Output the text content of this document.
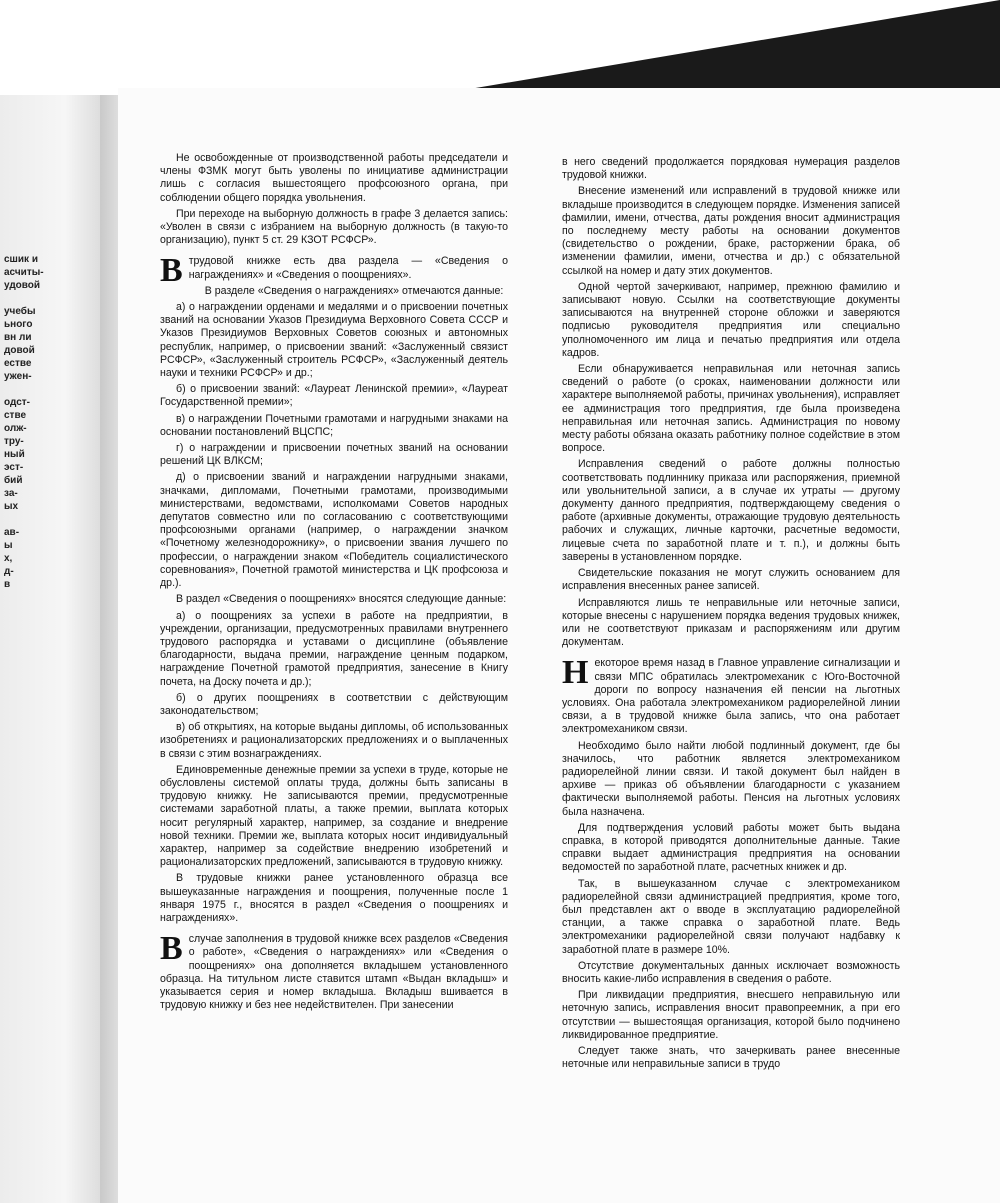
сшик и
асчиты-
удовой
учебы
ьного
вн ли
довой
естве
ужен-
одст-
стве
олж-
тру-
ный
эст-
бий
за-
ых
ав-
ы
х,
д-
в

Не освобожденные от производственной работы председатели и члены ФЗМК могут быть уволены по инициативе администрации лишь с согласия вышестоящего профсоюзного органа, при соблюдении общего порядка увольнения.

При переходе на выборную должность в графе 3 делается запись: «Уволен в связи с избранием на выборную должность (в такую-то организацию), пункт 5 ст. 29 КЗОТ РСФСР».

В трудовой книжке есть два раздела — «Сведения о награждениях» и «Сведения о поощрениях».

В разделе «Сведения о награждениях» отмечаются данные:

а) о награждении орденами и медалями и о присвоении почетных званий на основании Указов Президиума Верховного Совета СССР и Указов Президиумов Верховных Советов союзных и автономных республик, например, о присвоении званий: «Заслуженный связист РСФСР», «Заслуженный строитель РСФСР», «Заслуженный деятель науки и техники РСФСР» и др.;

б) о присвоении званий: «Лауреат Ленинской премии», «Лауреат Государственной премии»;

в) о награждении Почетными грамотами и нагрудными знаками на основании постановлений ВЦСПС;

г) о награждении и присвоении почетных званий на основании решений ЦК ВЛКСМ;

д) о присвоении званий и награждении нагрудными знаками, значками, дипломами, Почетными грамотами, производимыми министерствами, ведомствами, исполкомами Советов народных депутатов совместно или по согласованию с соответствующими профсоюзными органами (например, о награждении значком «Почетному железнодорожнику», о присвоении звания лучшего по профессии, о награждении знаком «Победитель социалистического соревнования», Почетной грамотой министерства и ЦК профсоюза и др.).

В раздел «Сведения о поощрениях» вносятся следующие данные:

а) о поощрениях за успехи в работе на предприятии, в учреждении, организации, предусмотренных правилами внутреннего трудового распорядка и уставами о дисциплине (объявление благодарности, выдача премии, награждение ценным подарком, награждение Почетной грамотой предприятия, занесение в Книгу почета, на Доску почета и др.);

б) о других поощрениях в соответствии с действующим законодательством;

в) об открытиях, на которые выданы дипломы, об использованных изобретениях и рационализаторских предложениях и о выплаченных в связи с этим вознаграждениях.

Единовременные денежные премии за успехи в труде, которые не обусловлены системой оплаты труда, должны быть записаны в трудовую книжку. Не записываются премии, предусмотренные системами заработной платы, а также премии, выплата которых носит регулярный характер, например, за создание и внедрение новой техники. Премии же, выплата которых носит индивидуальный характер, например за содействие внедрению изобретений и рационализаторских предложений, записываются в трудовую книжку.

В трудовые книжки ранее установленного образца все вышеуказанные награждения и поощрения, полученные после 1 января 1975 г., вносятся в раздел «Сведения о поощрениях и награждениях».

В случае заполнения в трудовой книжке всех разделов «Сведения о работе», «Сведения о награждениях» или «Сведения о поощрениях» она дополняется вкладышем установленного образца. На титульном листе ставится штамп «Выдан вкладыш» и указывается серия и номер вкладыша. Вкладыш вшивается в трудовую книжку и без нее недействителен. При занесении

в него сведений продолжается порядковая нумерация разделов трудовой книжки.

Внесение изменений или исправлений в трудовой книжке или вкладыше производится в следующем порядке. Изменения записей фамилии, имени, отчества, даты рождения вносит администрация по последнему месту работы на основании документов (свидетельство о рождении, браке, расторжении брака, об изменении фамилии, имени, отчества и др.) с обязательной ссылкой на номер и дату этих документов.

Одной чертой зачеркивают, например, прежнюю фамилию и записывают новую. Ссылки на соответствующие документы записываются на внутренней стороне обложки и заверяются подписью руководителя предприятия или специально уполномоченного им лица и печатью предприятия или отдела кадров.

Если обнаруживается неправильная или неточная запись сведений о работе (о сроках, наименовании должности или характере выполняемой работы, причинах увольнения), исправляет ее администрация того предприятия, где была произведена неправильная или неточная запись. Администрация по новому месту работы обязана оказать работнику полное содействие в этом вопросе.

Исправления сведений о работе должны полностью соответствовать подлиннику приказа или распоряжения, приемной или увольнительной записи, а в случае их утраты — другому документу данного предприятия, подтверждающему сведения о работе (архивные документы, отражающие трудовую деятельность рабочих и служащих, личные карточки, расчетные ведомости, лицевые счета по заработной плате и т. п.), и должны быть заверены в установленном порядке.

Свидетельские показания не могут служить основанием для исправления внесенных ранее записей.

Исправляются лишь те неправильные или неточные записи, которые внесены с нарушением порядка ведения трудовых книжек, или не соответствуют приказам и распоряжениям или другим документам.

Н екоторое время назад в Главное управление сигнализации и связи МПС обратилась электромеханик с Юго-Восточной дороги по вопросу назначения ей пенсии на льготных условиях. Она работала электромехаником радиорелейной линии связи, а в трудовой книжке была запись, что она работает электромехаником связи.

Необходимо было найти любой подлинный документ, где бы значилось, что работник является электромехаником радиорелейной линии связи. И такой документ был найден в архиве — приказ об объявлении благодарности с указанием фактически выполняемой работы. Пенсия на льготных условиях была назначена.

Для подтверждения условий работы может быть выдана справка, в которой приводятся дополнительные данные. Такие справки выдает администрация предприятия на основании ведомостей по заработной плате, расчетных книжек и др.

Так, в вышеуказанном случае с электромехаником радиорелейной связи администрацией предприятия, кроме того, был представлен акт о вводе в эксплуатацию радиорелейной станции, а также справка о заработной плате. Ведь электромеханики радиорелейной связи получают надбавку к заработной плате в размере 10%.

Отсутствие документальных данных исключает возможность вносить какие-либо исправления в сведения о работе.

При ликвидации предприятия, внесшего неправильную или неточную запись, исправления вносит правопреемник, а при его отсутствии — вышестоящая организация, которой было подчинено ликвидированное предприятие.

Следует также знать, что зачеркивать ранее внесенные неточные или неправильные записи в трудо
